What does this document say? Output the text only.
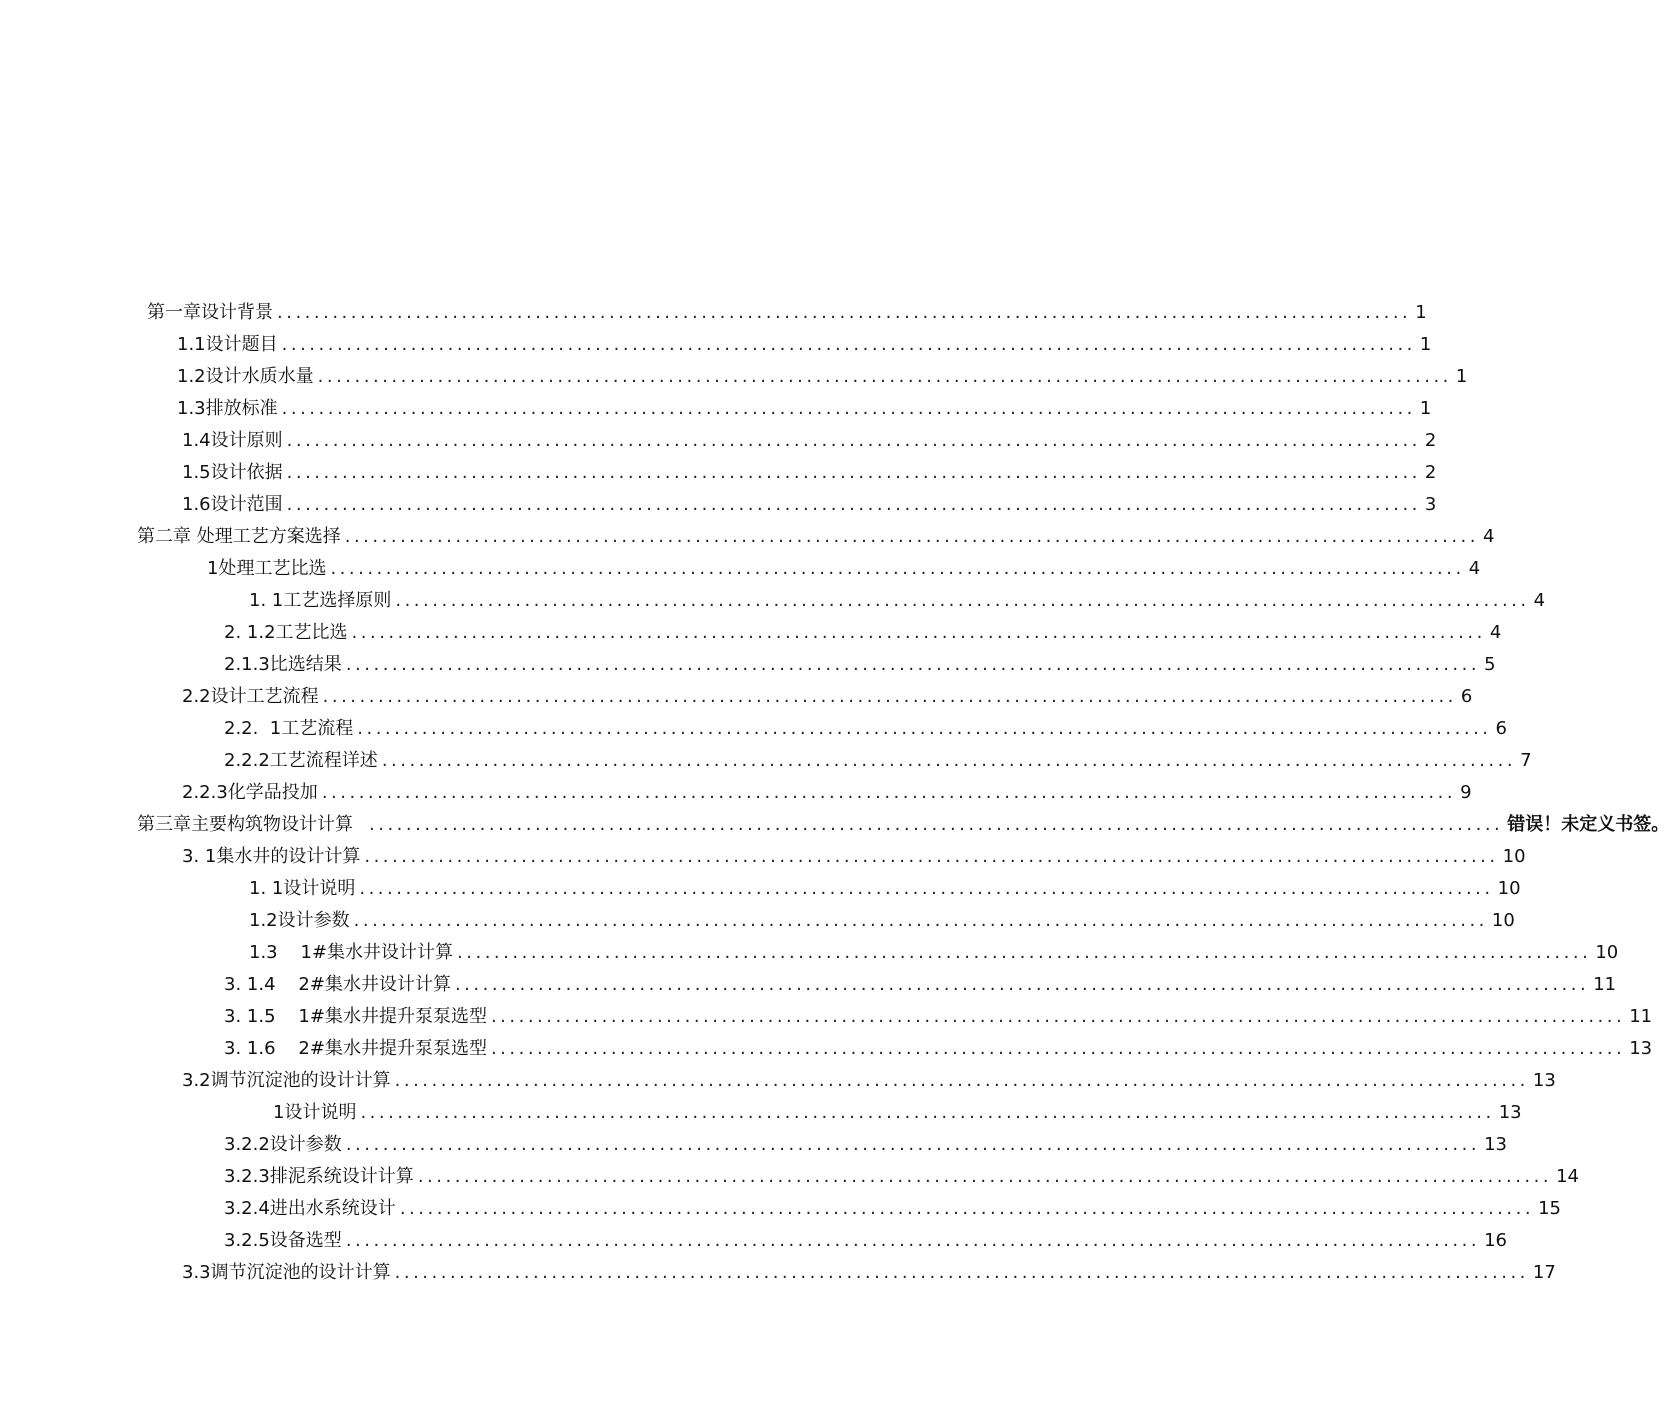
第一章设计背景 ........................................................................................................................... 1
1.1设计题目 ........................................................................................................................... 1
1.2设计水质水量 ........................................................................................................................... 1
1.3排放标准 ........................................................................................................................... 1
1.4设计原则 ........................................................................................................................... 2
1.5设计依据 ........................................................................................................................... 2
1.6设计范围 ........................................................................................................................... 3
第二章 处理工艺方案选择 ........................................................................................................................... 4
1处理工艺比选 ........................................................................................................................... 4
1. 1工艺选择原则 ........................................................................................................................... 4
2. 1.2工艺比选 ........................................................................................................................... 4
2.1.3比选结果 ........................................................................................................................... 5
2.2设计工艺流程 ........................................................................................................................... 6
2.2.  1工艺流程 ........................................................................................................................... 6
2.2.2工艺流程详述 ........................................................................................................................... 7
2.2.3化学品投加 ........................................................................................................................... 9
第三章主要构筑物设计计算 ........................................................................................................................... 错误！未定义书签。
3. 1集水井的设计计算 ........................................................................................................................... 10
1. 1设计说明 ........................................................................................................................... 10
1.2设计参数 ........................................................................................................................... 10
1.3    1#集水井设计计算 ........................................................................................................................... 10
3. 1.4    2#集水井设计计算 ........................................................................................................................... 11
3. 1.5    1#集水井提升泵泵选型 ........................................................................................................................... 11
3. 1.6    2#集水井提升泵泵选型 ........................................................................................................................... 13
3.2调节沉淀池的设计计算 ........................................................................................................................... 13
1设计说明 ........................................................................................................................... 13
3.2.2设计参数 ........................................................................................................................... 13
3.2.3排泥系统设计计算 ........................................................................................................................... 14
3.2.4进出水系统设计 ........................................................................................................................... 15
3.2.5设备选型 ........................................................................................................................... 16
3.3调节沉淀池的设计计算 ........................................................................................................................... 17
